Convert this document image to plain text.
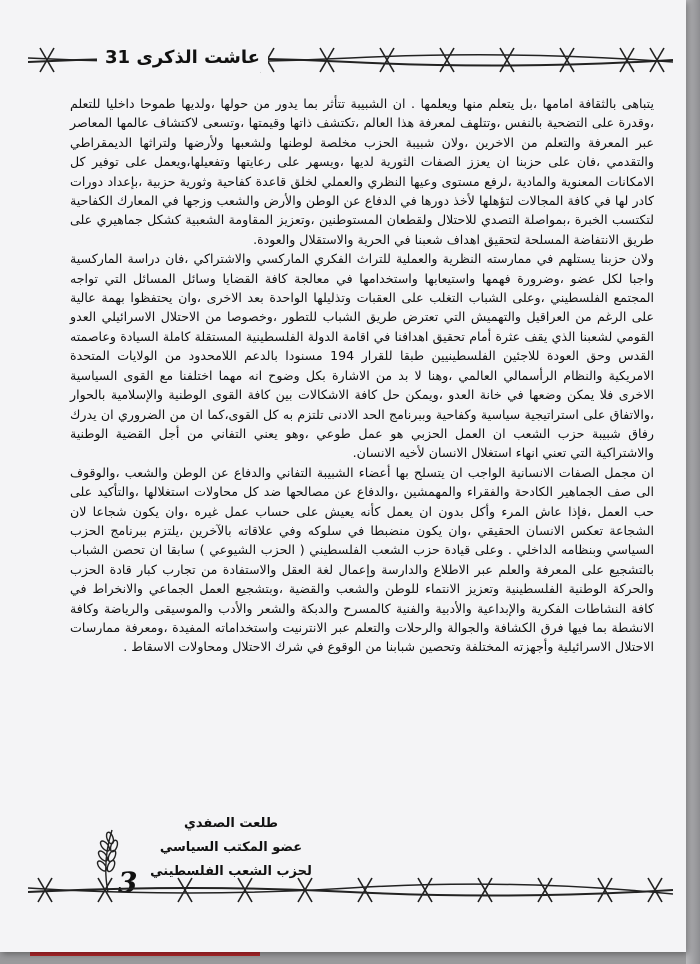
عاشت الذكرى 31

يتباهى بالثقافة امامها ،بل يتعلم منها ويعلمها . ان الشبيبة تتأثر بما يدور من حولها ،ولديها طموحا داخليا للتعلم ،وقدرة على التضحية بالنفس ،وتتلهف لمعرفة هذا العالم ،تكتشف ذاتها وقيمتها ،وتسعى لاكتشاف عالمها المعاصر عبر المعرفة والتعلم من الاخرين ،ولان شبيبة الحزب مخلصة لوطنها ولشعبها ولأرضها ولتراثها الديمقراطي والتقدمي ،فان على حزبنا ان يعزز الصفات الثورية لديها ،ويسهر على رعايتها وتفعيلها،ويعمل على توفير كل الامكانات المعنوية والمادية ،لرفع مستوى وعيها النظري والعملي لخلق قاعدة كفاحية وثورية حزبية ،بإعداد دورات كادر لها في كافة المجالات لتؤهلها لأخذ دورها في الدفاع عن الوطن والأرض والشعب وزجها في المعارك الكفاحية لتكتسب الخبرة ،بمواصلة التصدي للاحتلال ولقطعان المستوطنين ،وتعزيز المقاومة الشعبية كشكل جماهيري على طريق الانتفاضة المسلحة لتحقيق اهداف شعبنا في الحرية والاستقلال والعودة.

ولان حزبنا يستلهم في ممارسته النظرية والعملية للتراث الفكري الماركسي والاشتراكي ،فان دراسة الماركسية واجبا لكل عضو ،وضرورة فهمها واستيعابها واستخدامها في معالجة كافة القضايا وسائل المسائل التي تواجه المجتمع الفلسطيني ،وعلى الشباب التغلب على العقبات وتذليلها الواحدة بعد الاخرى ،وان يحتفظوا بهمة عالية على الرغم من العراقيل والتهميش التي تعترض طريق الشباب للتطور ،وخصوصا من الاحتلال الاسرائيلي العدو القومي لشعبنا الذي يقف عثرة أمام تحقيق اهدافنا في اقامة الدولة الفلسطينية المستقلة كاملة السيادة وعاصمته القدس وحق العودة للاجئين الفلسطينيين طبقا للقرار 194 مسنودا بالدعم اللامحدود من الولايات المتحدة الامريكية والنظام الرأسمالي العالمي ،وهنا لا بد من الاشارة بكل وضوح انه مهما اختلفنا مع القوى السياسية الاخرى فلا يمكن وضعها في خانة العدو ،ويمكن حل كافة الاشكالات بين كافة القوى الوطنية والإسلامية بالحوار ،والاتفاق على استراتيجية سياسية وكفاحية وببرنامج الحد الادنى تلتزم به كل القوى،كما ان من الضروري ان يدرك رفاق شبيبة حزب الشعب ان العمل الحزبي هو عمل طوعي ،وهو يعني التفاني من أجل القضية الوطنية والاشتراكية التي تعني انهاء استغلال الانسان لأخيه الانسان.

ان مجمل الصفات الانسانية الواجب ان يتسلح بها أعضاء الشبيبة التفاني والدفاع عن الوطن والشعب ،والوقوف الى صف الجماهير الكادحة والفقراء والمهمشين ،والدفاع عن مصالحها ضد كل محاولات استغلالها ،والتأكيد على حب العمل ،فإذا عاش المرء وأكل بدون ان يعمل كأنه يعيش على حساب عمل غيره ،وان يكون شجاعا لان الشجاعة تعكس الانسان الحقيقي ،وان يكون منضبطا في سلوكه وفي علاقاته بالآخرين ،يلتزم ببرنامج الحزب السياسي وبنظامه الداخلي . وعلى قيادة حزب الشعب الفلسطيني ( الحزب الشيوعي ) سابقا ان تحصن الشباب بالتشجيع على المعرفة والعلم عبر الاطلاع والدارسة وإعمال لغة العقل والاستفادة من تجارب كبار قادة الحزب والحركة الوطنية الفلسطينية وتعزيز الانتماء للوطن والشعب والقضية ،وبتشجيع العمل الجماعي والانخراط في كافة النشاطات الفكرية والإبداعية والأدبية والفنية كالمسرح والدبكة والشعر والأدب والموسيقى والرياضة وكافة الانشطة بما فيها فرق الكشافة والجوالة والرحلات والتعلم عبر الانترنيت واستخداماته المفيدة ،ومعرفة ممارسات الاحتلال الاسرائيلية وأجهزته المختلفة وتحصين شبابنا من الوقوع في شرك الاحتلال ومحاولات الاسقاط .

طلعت الصفدي
عضو المكتب السياسي
لحزب الشعب الفلسطيني
3
